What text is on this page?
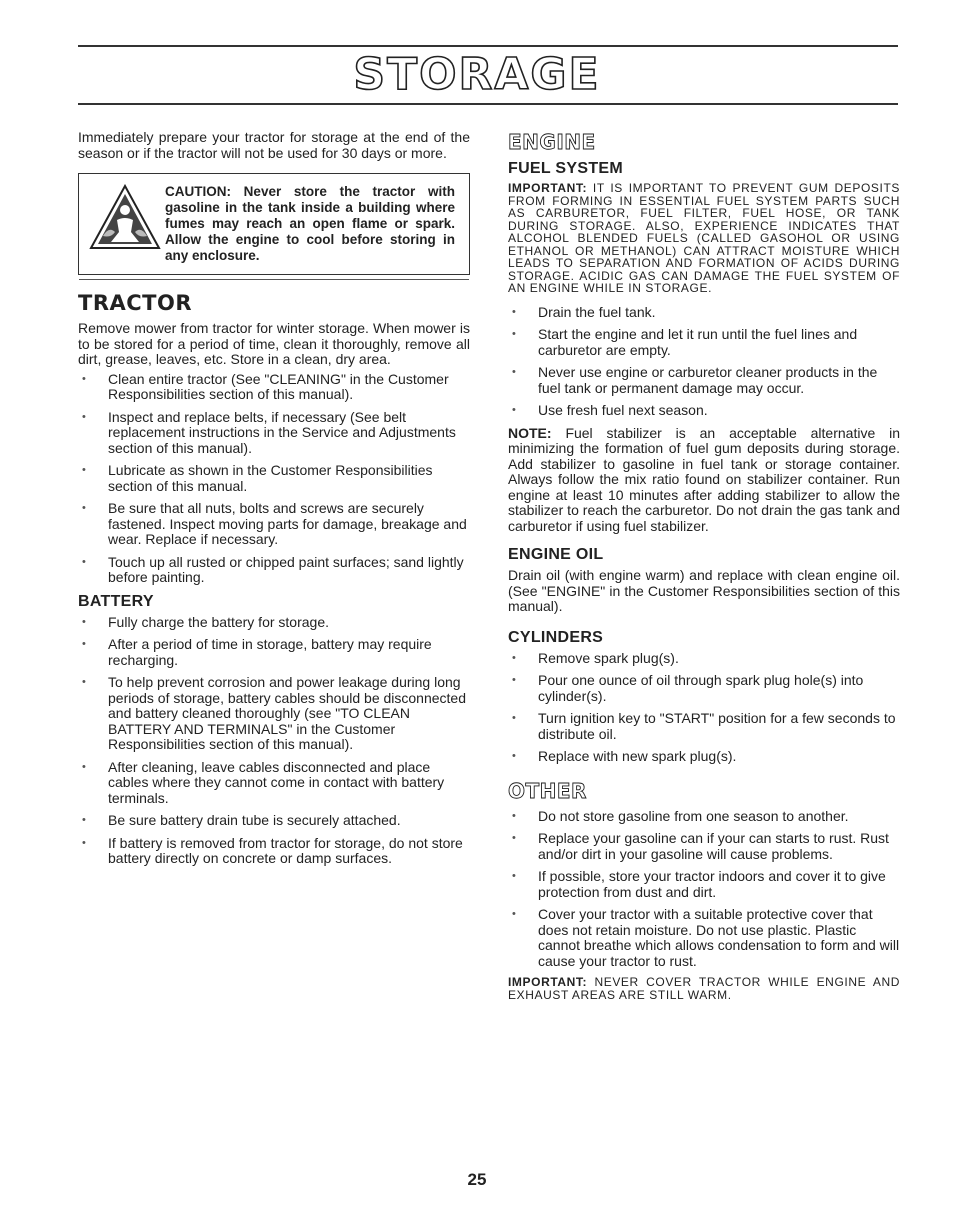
STORAGE

Immediately prepare your tractor for storage at the end of the season or if the tractor will not be used for 30 days or more.

CAUTION: Never store the tractor with gasoline in the tank inside a building where fumes may reach an open flame or spark. Allow the engine to cool before storing in any enclosure.
TRACTOR

Remove mower from tractor for winter storage. When mower is to be stored for a period of time, clean it thoroughly, remove all dirt, grease, leaves, etc. Store in a clean, dry area.

• Clean entire tractor (See "CLEANING" in the Customer Responsibilities section of this manual).
• Inspect and replace belts, if necessary (See belt replacement instructions in the Service and Adjustments section of this manual).
• Lubricate as shown in the Customer Responsibilities section of this manual.
• Be sure that all nuts, bolts and screws are securely fastened. Inspect moving parts for damage, breakage and wear. Replace if necessary.
• Touch up all rusted or chipped paint surfaces; sand lightly before painting.
BATTERY
• Fully charge the battery for storage.
• After a period of time in storage, battery may require recharging.
• To help prevent corrosion and power leakage during long periods of storage, battery cables should be disconnected and battery cleaned thoroughly (see "TO CLEAN BATTERY AND TERMINALS" in the Customer Responsibilities section of this manual).
• After cleaning, leave cables disconnected and place cables where they cannot come in contact with battery terminals.
• Be sure battery drain tube is securely attached.
• If battery is removed from tractor for storage, do not store battery directly on concrete or damp surfaces.
ENGINE
FUEL SYSTEM

IMPORTANT: IT IS IMPORTANT TO PREVENT GUM DEPOSITS FROM FORMING IN ESSENTIAL FUEL SYSTEM PARTS SUCH AS CARBURETOR, FUEL FILTER, FUEL HOSE, OR TANK DURING STORAGE. ALSO, EXPERIENCE INDICATES THAT ALCOHOL BLENDED FUELS (CALLED GASOHOL OR USING ETHANOL OR METHANOL) CAN ATTRACT MOISTURE WHICH LEADS TO SEPARATION AND FORMATION OF ACIDS DURING STORAGE. ACIDIC GAS CAN DAMAGE THE FUEL SYSTEM OF AN ENGINE WHILE IN STORAGE.

• Drain the fuel tank.
• Start the engine and let it run until the fuel lines and carburetor are empty.
• Never use engine or carburetor cleaner products in the fuel tank or permanent damage may occur.
• Use fresh fuel next season.

NOTE: Fuel stabilizer is an acceptable alternative in minimizing the formation of fuel gum deposits during storage. Add stabilizer to gasoline in fuel tank or storage container. Always follow the mix ratio found on stabilizer container. Run engine at least 10 minutes after adding stabilizer to allow the stabilizer to reach the carburetor. Do not drain the gas tank and carburetor if using fuel stabilizer.

ENGINE OIL

Drain oil (with engine warm) and replace with clean engine oil. (See "ENGINE" in the Customer Responsibilities section of this manual).

CYLINDERS
• Remove spark plug(s).
• Pour one ounce of oil through spark plug hole(s) into cylinder(s).
• Turn ignition key to "START" position for a few seconds to distribute oil.
• Replace with new spark plug(s).
OTHER
• Do not store gasoline from one season to another.
• Replace your gasoline can if your can starts to rust. Rust and/or dirt in your gasoline will cause problems.
• If possible, store your tractor indoors and cover it to give protection from dust and dirt.
• Cover your tractor with a suitable protective cover that does not retain moisture. Do not use plastic. Plastic cannot breathe which allows condensation to form and will cause your tractor to rust.

IMPORTANT: NEVER COVER TRACTOR WHILE ENGINE AND EXHAUST AREAS ARE STILL WARM.

25
